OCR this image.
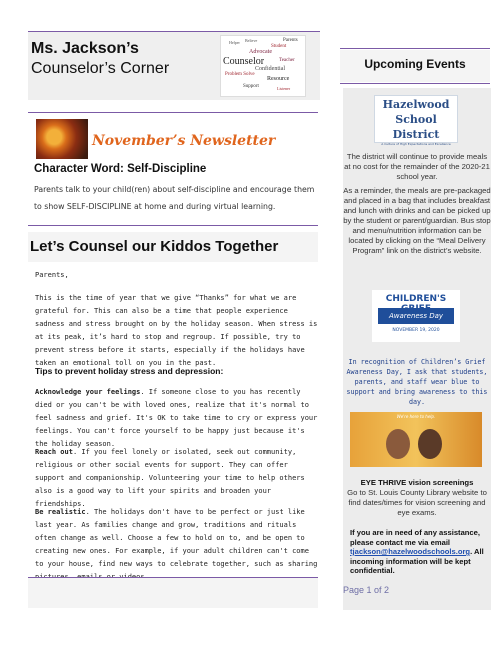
Ms. Jackson’s
Counselor’s Corner	Counselor
Student
Advocate
Parents
Problem Solve
Confidential
Resource
Teacher
Support	Listener
Helper Believe
November’s Newsletter
Character Word: Self-Discipline
Parents talk to your child(ren) about self-discipline and encourage them to show SELF-DISCIPLINE at home and during virtual learning.
Let’s Counsel our Kiddos Together
Parents,
This is the time of year that we give “Thanks” for what we are grateful for. This can also be a time that people experience sadness and stress brought on by the holiday season. When stress is at its peak, it’s hard to stop and regroup. If possible, try to prevent stress before it starts, especially if the holidays have taken an emotional toll on you in the past.
Tips to prevent holiday stress and depression:
Acknowledge your feelings. If someone close to you has recently died or you can't be with loved ones, realize that it's normal to feel sadness and grief. It's OK to take time to cry or express your feelings. You can't force yourself to be happy just because it's the holiday season.
Reach out. If you feel lonely or isolated, seek out community, religious or other social events for support. They can offer support and companionship. Volunteering your time to help others also is a good way to lift your spirits and broaden your friendships.
Be realistic. The holidays don't have to be perfect or just like last year. As families change and grow, traditions and rituals often change as well. Choose a few to hold on to, and be open to creating new ones. For example, if your adult children can't come to your house, find new ways to celebrate together, such as sharing
Upcoming Events
Hazelwood
School
District
A Culture of High Expectations and Excellence
The district will continue to provide meals at no cost for the remainder of the 2020-21 school year.
As a reminder, the meals are pre-packaged and placed in a bag that includes breakfast and lunch with drinks and can be picked up by the student or parent/guardian. Bus stop and menu/nutrition information can be located by clicking on the “Meal Delivery Program” link on the district’s website.
CHILDREN'S
Awareness Day
NOVEMBER 19, 2020
In recognition of Children’s Grief Awareness Day, I ask that students, parents, and staff wear blue to support and bring awareness to this day.
We're here to help.
EYE THRIVE vision screenings
Go to St. Louis County Library website to find dates/times for vision screening and eye exams.
If you are in need of any assistance, please contact me via email tjackson@hazelwoodschools.org. All incoming information will be kept confidential.
Page 1 of 2
